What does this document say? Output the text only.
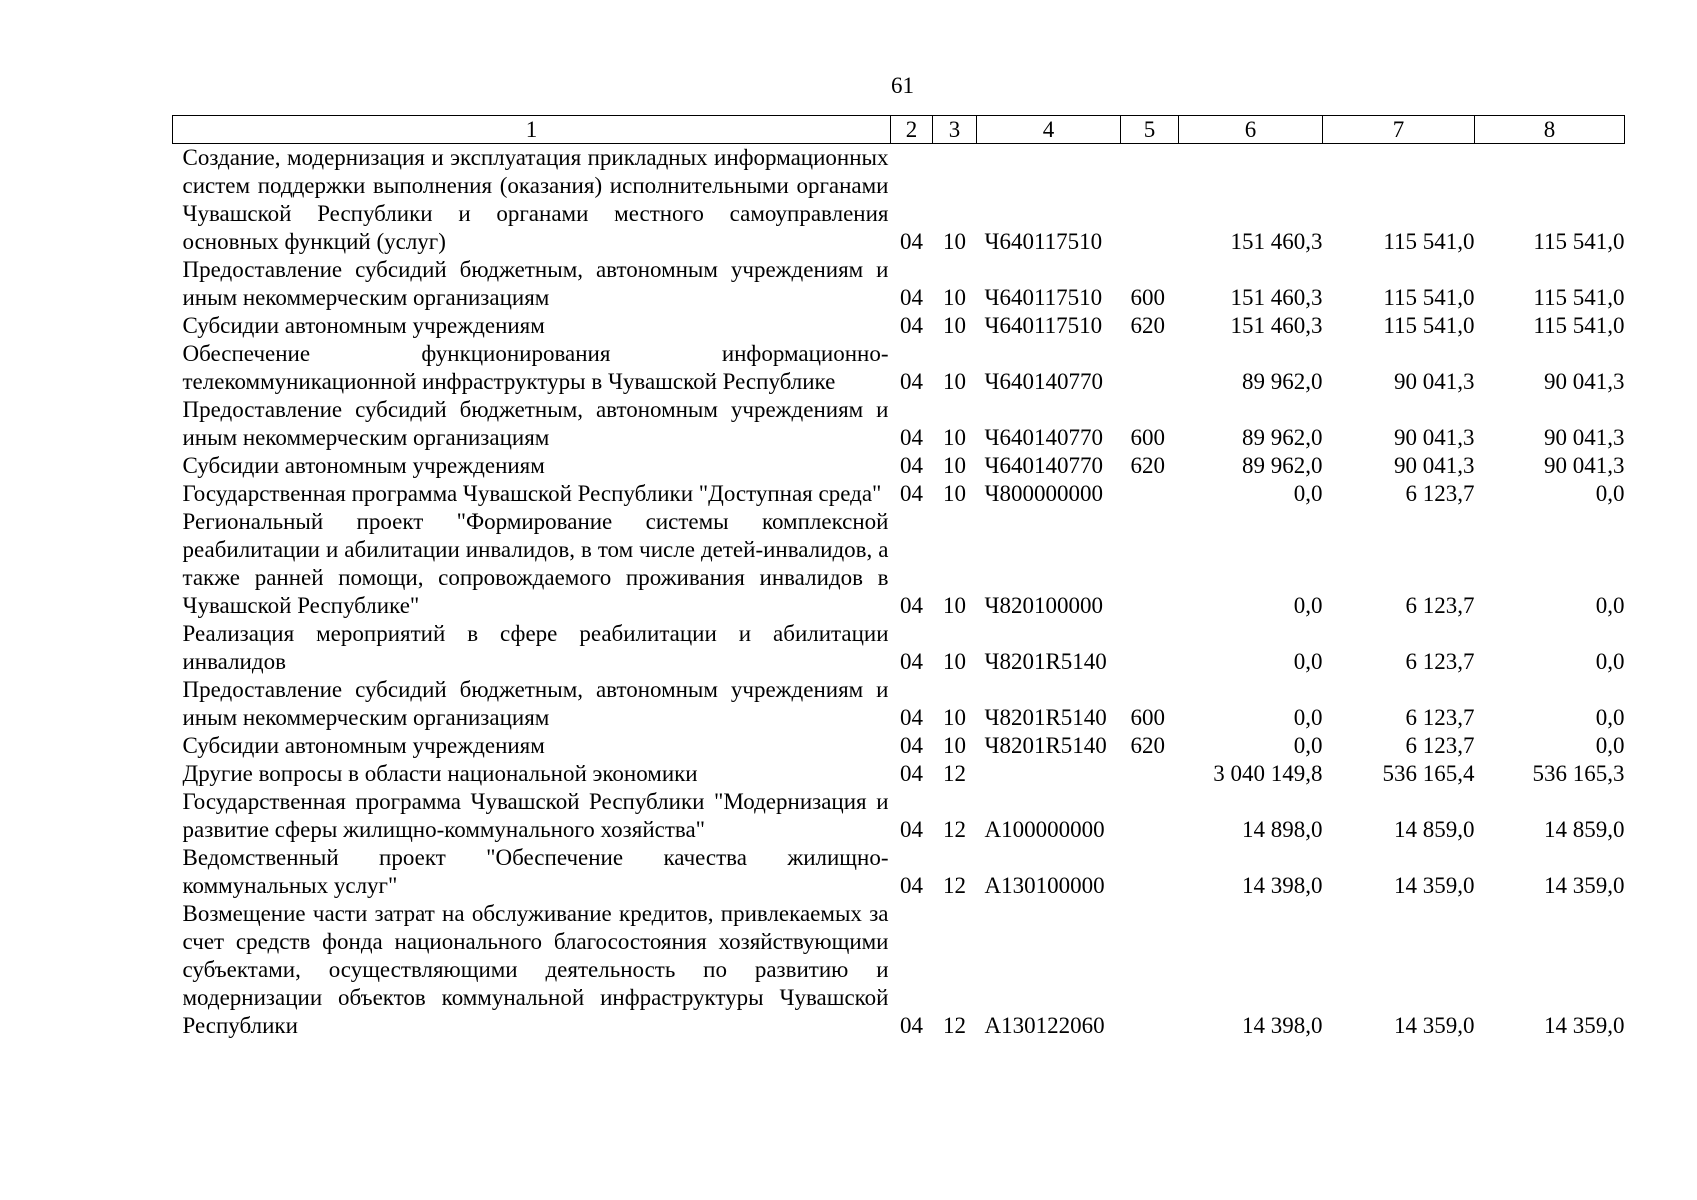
61
1	2	3	4	5	6	7	8
Создание, модернизация и эксплуатация прикладных информационных систем поддержки выполнения (оказания) исполнительными органами Чувашской Республики и органами местного самоуправления основных функций (услуг)	04	10	Ч640117510		151 460,3	115 541,0	115 541,0
Предоставление субсидий бюджетным, автономным учреждениям и иным некоммерческим организациям	04	10	Ч640117510	600	151 460,3	115 541,0	115 541,0
Субсидии автономным учреждениям	04	10	Ч640117510	620	151 460,3	115 541,0	115 541,0
Обеспечение функционирования информационно-телекоммуникационной инфраструктуры в Чувашской Республике	04	10	Ч640140770		89 962,0	90 041,3	90 041,3
Предоставление субсидий бюджетным, автономным учреждениям и иным некоммерческим организациям	04	10	Ч640140770	600	89 962,0	90 041,3	90 041,3
Субсидии автономным учреждениям	04	10	Ч640140770	620	89 962,0	90 041,3	90 041,3
Государственная программа Чувашской Республики "Доступная среда"	04	10	Ч800000000		0,0	6 123,7	0,0
Региональный проект "Формирование системы комплексной реабилитации и абилитации инвалидов, в том числе детей-инвалидов, а также ранней помощи, сопровождаемого проживания инвалидов в Чувашской Республике"	04	10	Ч820100000		0,0	6 123,7	0,0
Реализация мероприятий в сфере реабилитации и абилитации инвалидов	04	10	Ч8201R5140		0,0	6 123,7	0,0
Предоставление субсидий бюджетным, автономным учреждениям и иным некоммерческим организациям	04	10	Ч8201R5140	600	0,0	6 123,7	0,0
Субсидии автономным учреждениям	04	10	Ч8201R5140	620	0,0	6 123,7	0,0
Другие вопросы в области национальной экономики	04	12			3 040 149,8	536 165,4	536 165,3
Государственная программа Чувашской Республики "Модернизация и развитие сферы жилищно-коммунального хозяйства"	04	12	А100000000		14 898,0	14 859,0	14 859,0
Ведомственный проект "Обеспечение качества жилищно-коммунальных услуг"	04	12	А130100000		14 398,0	14 359,0	14 359,0
Возмещение части затрат на обслуживание кредитов, привлекаемых за счет средств фонда национального благосостояния хозяйствующими субъектами, осуществляющими деятельность по развитию и модернизации объектов коммунальной инфраструктуры Чувашской Республики	04	12	А130122060		14 398,0	14 359,0	14 359,0
